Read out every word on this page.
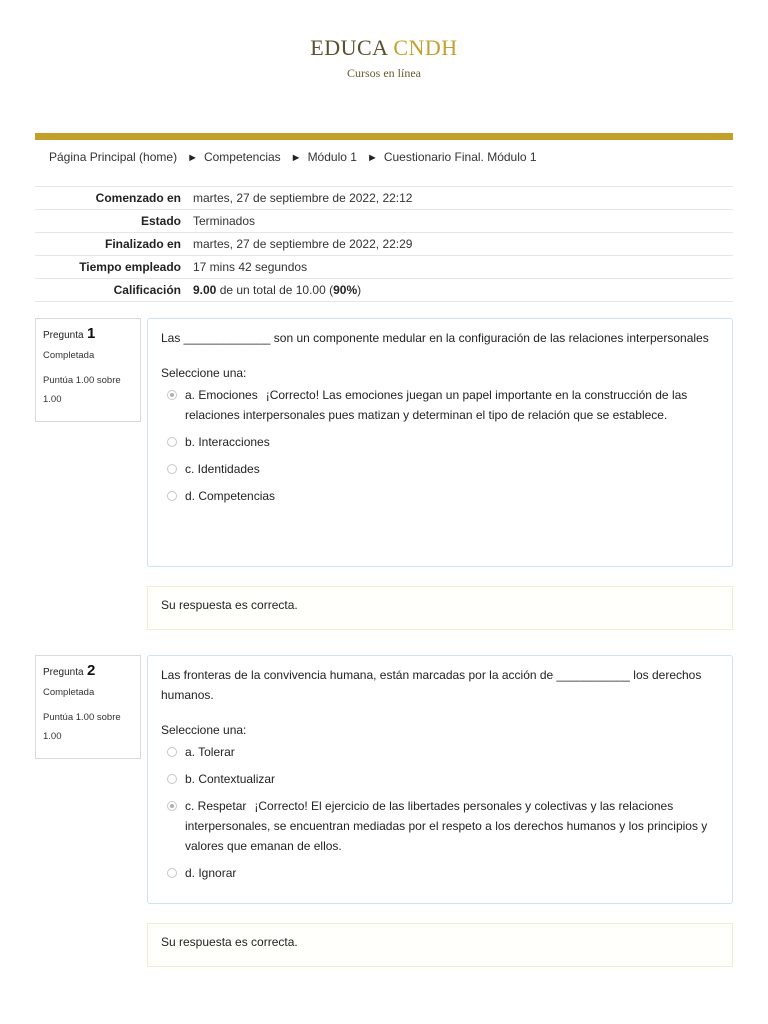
EDUCA CNDH
Cursos en línea
Página Principal (home) ► Competencias ► Módulo 1 ► Cuestionario Final. Módulo 1
Comenzado en	martes, 27 de septiembre de 2022, 22:12
Estado	Terminados
Finalizado en	martes, 27 de septiembre de 2022, 22:29
Tiempo empleado	17 mins 42 segundos
Calificación	9.00 de un total de 10.00 (90%)
Pregunta 1
Completada
Puntúa 1.00 sobre 1.00
Las _____________ son un componente medular en la configuración de las relaciones interpersonales
Seleccione una:
a. Emociones ¡Correcto! Las emociones juegan un papel importante en la construcción de las relaciones interpersonales pues matizan y determinan el tipo de relación que se establece.
b. Interacciones
c. Identidades
d. Competencias
Su respuesta es correcta.
Pregunta 2
Completada
Puntúa 1.00 sobre 1.00
Las fronteras de la convivencia humana, están marcadas por la acción de ___________ los derechos humanos.
Seleccione una:
a. Tolerar
b. Contextualizar
c. Respetar ¡Correcto! El ejercicio de las libertades personales y colectivas y las relaciones interpersonales, se encuentran mediadas por el respeto a los derechos humanos y los principios y valores que emanan de ellos.
d. Ignorar
Su respuesta es correcta.
